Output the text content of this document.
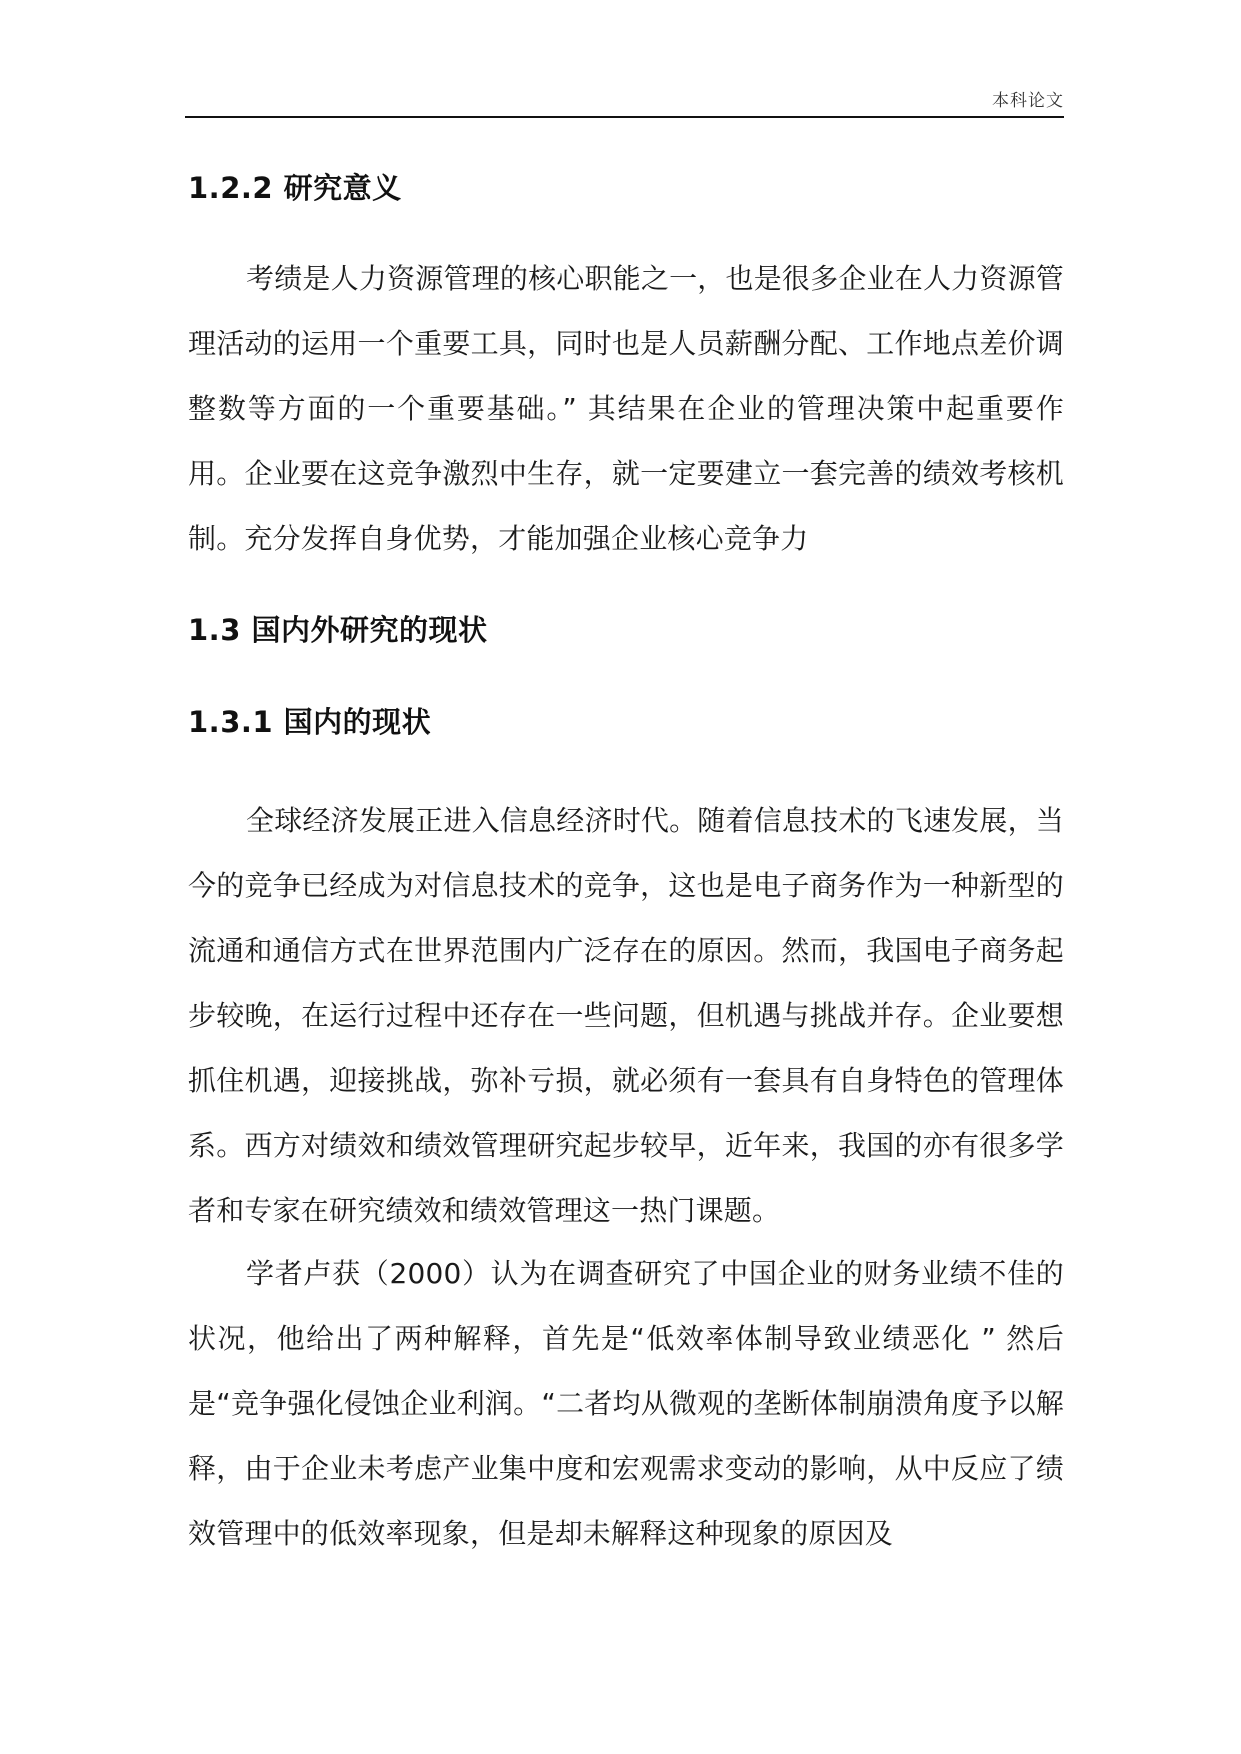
本科论文
1.2.2 研究意义

考绩是人力资源管理的核心职能之一，也是很多企业在人力资源管理活动的运用一个重要工具，同时也是人员薪酬分配、工作地点差价调整数等方面的一个重要基础。” 其结果在企业的管理决策中起重要作用。企业要在这竞争激烈中生存，就一定要建立一套完善的绩效考核机制。充分发挥自身优势，才能加强企业核心竞争力

1.3 国内外研究的现状
1.3.1 国内的现状

全球经济发展正进入信息经济时代。随着信息技术的飞速发展，当今的竞争已经成为对信息技术的竞争，这也是电子商务作为一种新型的流通和通信方式在世界范围内广泛存在的原因。然而，我国电子商务起步较晚，在运行过程中还存在一些问题，但机遇与挑战并存。企业要想抓住机遇，迎接挑战，弥补亏损，就必须有一套具有自身特色的管理体系。西方对绩效和绩效管理研究起步较早，近年来，我国的亦有很多学者和专家在研究绩效和绩效管理这一热门课题。

学者卢获（2000）认为在调查研究了中国企业的财务业绩不佳的状况，他给出了两种解释，首先是“低效率体制导致业绩恶化 ” 然后是“竞争强化侵蚀企业利润。“二者均从微观的垄断体制崩溃角度予以解释，由于企业未考虑产业集中度和宏观需求变动的影响，从中反应了绩效管理中的低效率现象，但是却未解释这种现象的原因及
